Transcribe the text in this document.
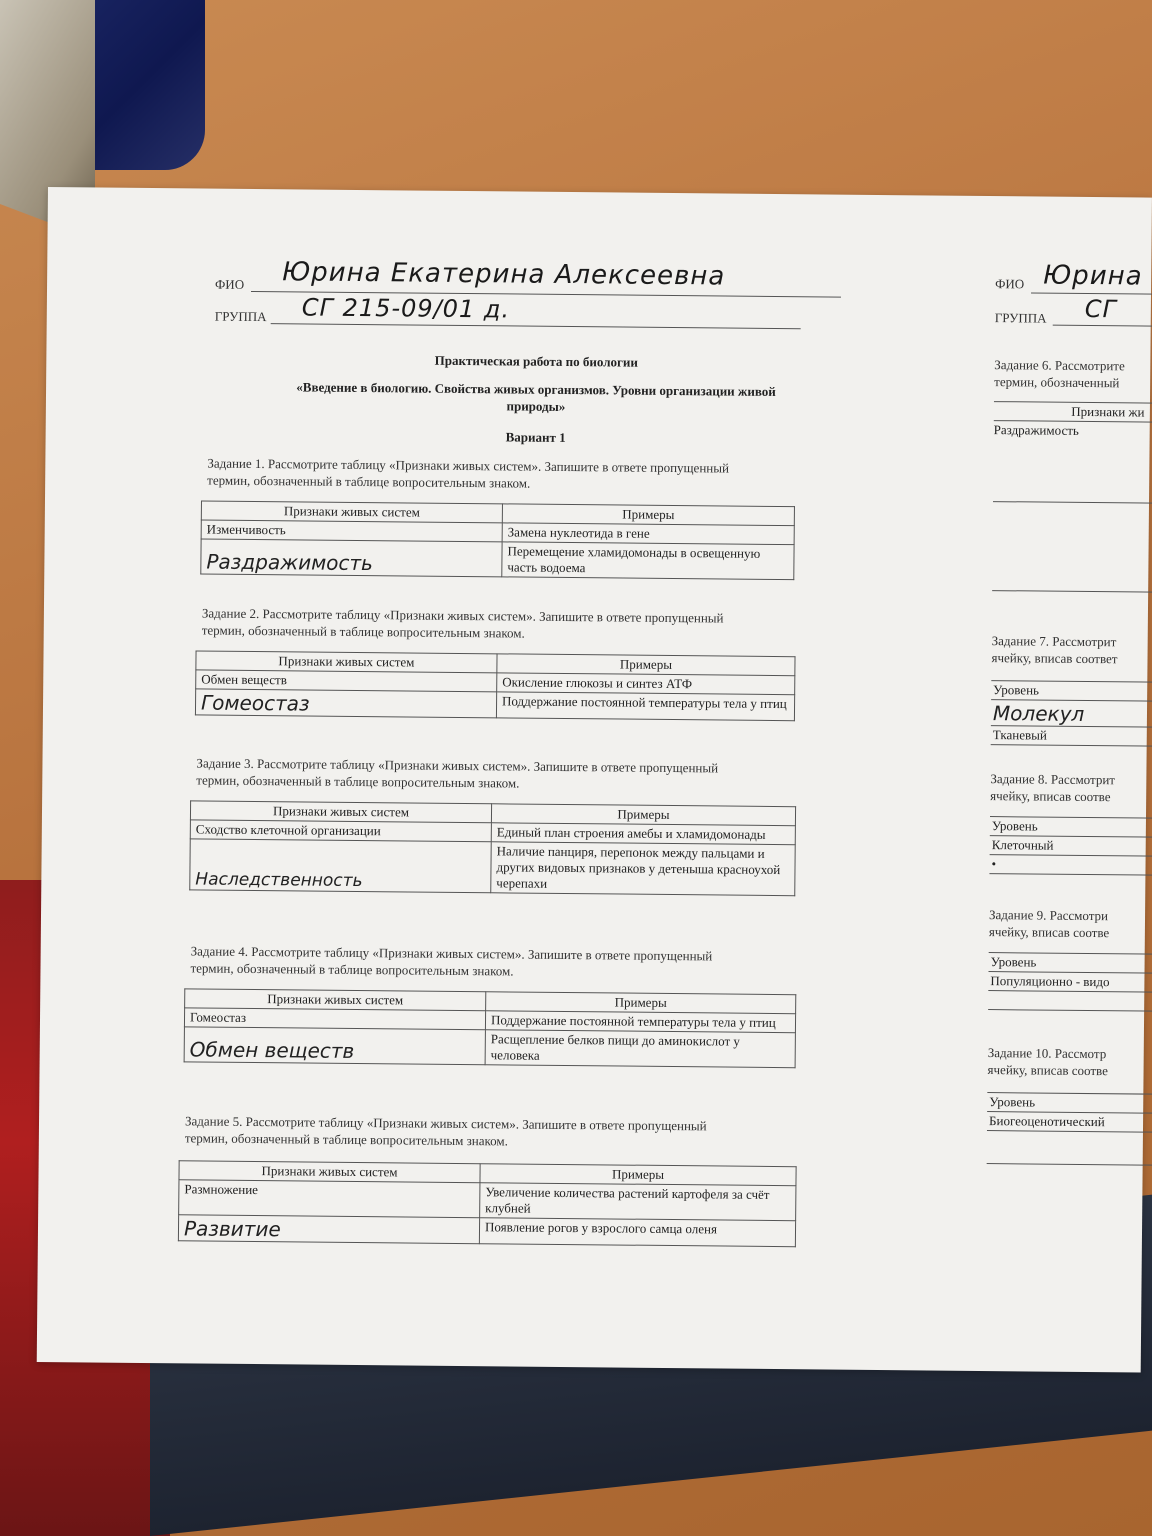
ФИО Юрина Екатерина Алексеевна
ГРУППА СГ 215-09/01 д.
Практическая работа по биологии
«Введение в биологию. Свойства живых организмов. Уровни организации живой
природы»
Вариант 1
Задание 1. Рассмотрите таблицу «Признаки живых систем». Запишите в ответе пропущенный
термин, обозначенный в таблице вопросительным знаком.
Признаки живых систем	Примеры
Изменчивость	Замена нуклеотида в гене
Раздражимость	Перемещение хламидомонады в освещенную часть водоема
Задание 2. Рассмотрите таблицу «Признаки живых систем». Запишите в ответе пропущенный
термин, обозначенный в таблице вопросительным знаком.
Признаки живых систем	Примеры
Обмен веществ	Окисление глюкозы и синтез АТФ
Гомеостаз	Поддержание постоянной температуры тела у птиц
Задание 3. Рассмотрите таблицу «Признаки живых систем». Запишите в ответе пропущенный
термин, обозначенный в таблице вопросительным знаком.
Признаки живых систем	Примеры
Сходство клеточной организации	Единый план строения амебы и хламидомонады
Наследственность	Наличие панциря, перепонок между пальцами и других видовых признаков у детеныша красноухой черепахи
Задание 4. Рассмотрите таблицу «Признаки живых систем». Запишите в ответе пропущенный
термин, обозначенный в таблице вопросительным знаком.
Признаки живых систем	Примеры
Гомеостаз	Поддержание постоянной температуры тела у птиц
Обмен веществ	Расщепление белков пищи до аминокислот у человека
Задание 5. Рассмотрите таблицу «Признаки живых систем». Запишите в ответе пропущенный
термин, обозначенный в таблице вопросительным знаком.
Признаки живых систем	Примеры
Размножение	Увеличение количества растений картофеля за счёт клубней
Развитие	Появление рогов у взрослого самца оленя
ФИО Юрина
ГРУППА СГ
Задание 6. Рассмотрите
термин, обозначенный
Признаки жи
Раздражимость

Задание 7. Рассмотрит
ячейку, вписав соответ
Уровень
Молекул
Тканевый
Задание 8. Рассмотрит
ячейку, вписав соотве
Уровень
Клеточный
•
Задание 9. Рассмотри
ячейку, вписав соотве
Уровень
Популяционно - видо

Задание 10. Рассмотр
ячейку, вписав соотве
Уровень
Биогеоценотический
